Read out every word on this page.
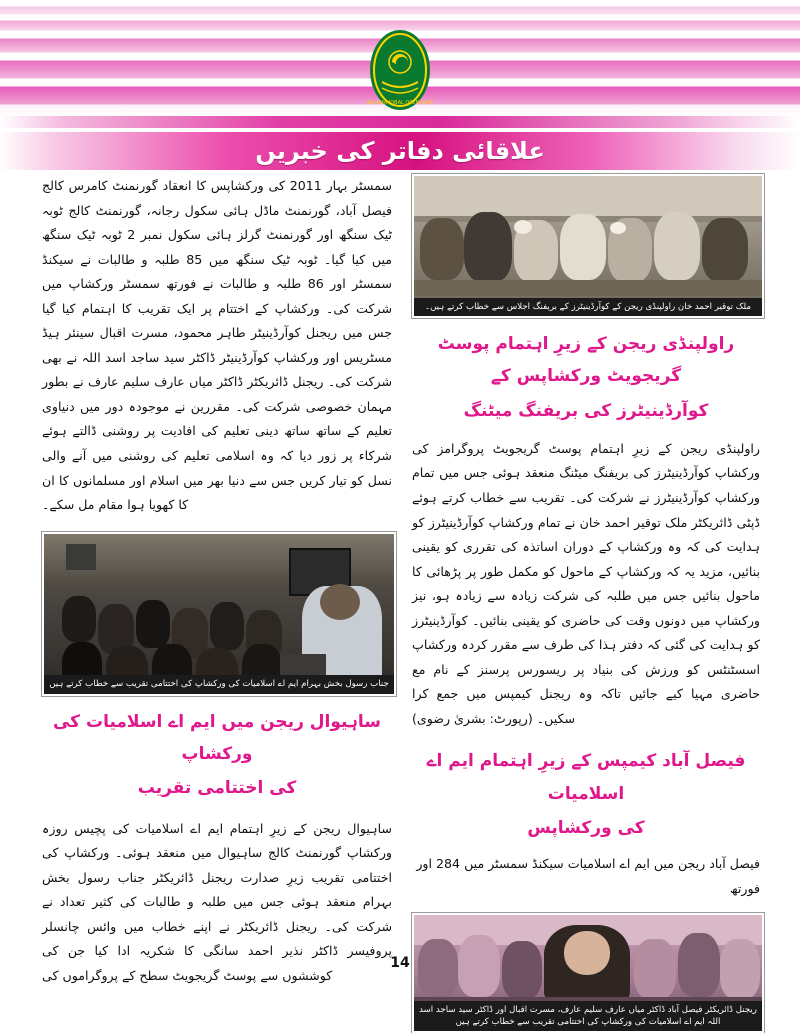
ALLAMA IQBAL OPEN UNIV
علاقائی دفاتر کی خبریں
سمسٹر بہار 2011 کی ورکشاپس کا انعقاد گورنمنٹ کامرس کالج فیصل آباد، گورنمنٹ ماڈل ہائی سکول رجانہ، گورنمنٹ کالج ٹوبہ ٹیک سنگھ اور گورنمنٹ گرلز ہائی سکول نمبر 2 ٹوبہ ٹیک سنگھ میں کیا گیا۔ ٹوبہ ٹیک سنگھ میں 85 طلبہ و طالبات نے سیکنڈ سمسٹر اور 86 طلبہ و طالبات نے فورتھ سمسٹر ورکشاپ میں شرکت کی۔ ورکشاپ کے اختتام پر ایک تقریب کا اہتمام کیا گیا جس میں ریجنل کوآرڈینیٹر طاہر محمود، مسرت اقبال سینئر ہیڈ مسٹریس اور ورکشاپ کوآرڈینیٹر ڈاکٹر سید ساجد اسد اللہ نے بھی شرکت کی۔ ریجنل ڈائریکٹر ڈاکٹر میاں عارف سلیم عارف نے بطور مہمان خصوصی شرکت کی۔ مقررین نے موجودہ دور میں دنیاوی تعلیم کے ساتھ ساتھ دینی تعلیم کی افادیت پر روشنی ڈالتے ہوئے شرکاء پر زور دیا کہ وہ اسلامی تعلیم کی روشنی میں آنے والی نسل کو تیار کریں جس سے دنیا بھر میں اسلام اور مسلمانوں کا ان کا کھویا ہوا مقام مل سکے۔
جناب رسول بخش بہرام ایم اے اسلامیات کی ورکشاپ کی اختتامی تقریب سے خطاب کرتے ہیں
ساہیوال ریجن میں ایم اے اسلامیات کی ورکشاپ
کی اختتامی تقریب
ساہیوال ریجن کے زیرِ اہتمام ایم اے اسلامیات کی پچیس روزہ ورکشاپ گورنمنٹ کالج ساہیوال میں منعقد ہوئی۔ ورکشاپ کی اختتامی تقریب زیرِ صدارت ریجنل ڈائریکٹر جناب رسول بخش بہرام منعقد ہوئی جس میں طلبہ و طالبات کی کثیر تعداد نے شرکت کی۔ ریجنل ڈائریکٹر نے اپنے خطاب میں وائس چانسلر پروفیسر ڈاکٹر نذیر احمد سانگی کا شکریہ ادا کیا جن کی کوششوں سے پوسٹ گریجویٹ سطح کے پروگراموں کی
ملک توقیر احمد خان راولپنڈی ریجن کے کوآرڈینیٹرز کے بریفنگ اجلاس سے خطاب کرتے ہیں۔
راولپنڈی ریجن کے زیرِ اہتمام پوسٹ گریجویٹ ورکشاپس کے
کوآرڈینیٹرز کی بریفنگ میٹنگ
راولپنڈی ریجن کے زیرِ اہتمام پوسٹ گریجویٹ پروگرامز کی ورکشاپ کوآرڈینیٹرز کی بریفنگ میٹنگ منعقد ہوئی جس میں تمام ورکشاپ کوآرڈینیٹرز نے شرکت کی۔ تقریب سے خطاب کرتے ہوئے ڈپٹی ڈائریکٹر ملک توقیر احمد خان نے تمام ورکشاپ کوآرڈینیٹرز کو ہدایت کی کہ وہ ورکشاپ کے دوران اساتذہ کی تقرری کو یقینی بنائیں، مزید یہ کہ ورکشاپ کے ماحول کو مکمل طور پر پڑھائی کا ماحول بنائیں جس میں طلبہ کی شرکت زیادہ سے زیادہ ہو، نیز ورکشاپ میں دونوں وقت کی حاضری کو یقینی بنائیں۔ کوآرڈینیٹرز کو ہدایت کی گئی کہ دفتر ہذا کی طرف سے مقرر کردہ ورکشاپ اسسٹنٹس کو ورزش کی بنیاد پر ریسورس پرسنز کے نام مع حاضری مہیا کیے جائیں تاکہ وہ ریجنل کیمپس میں جمع کرا سکیں۔ (رپورٹ: بشریٰ رضوی)
فیصل آباد کیمپس کے زیرِ اہتمام ایم اے اسلامیات
کی ورکشاپس
فیصل آباد ریجن میں ایم اے اسلامیات سیکنڈ سمسٹر میں 284 اور فورتھ
ریجنل ڈائریکٹر فیصل آباد ڈاکٹر میاں عارف سلیم عارف، مسرت اقبال اور ڈاکٹر سید ساجد اسد اللہ ایم اے اسلامیات کی ورکشاپ کی اختتامی تقریب سے خطاب کرتے ہیں
14
